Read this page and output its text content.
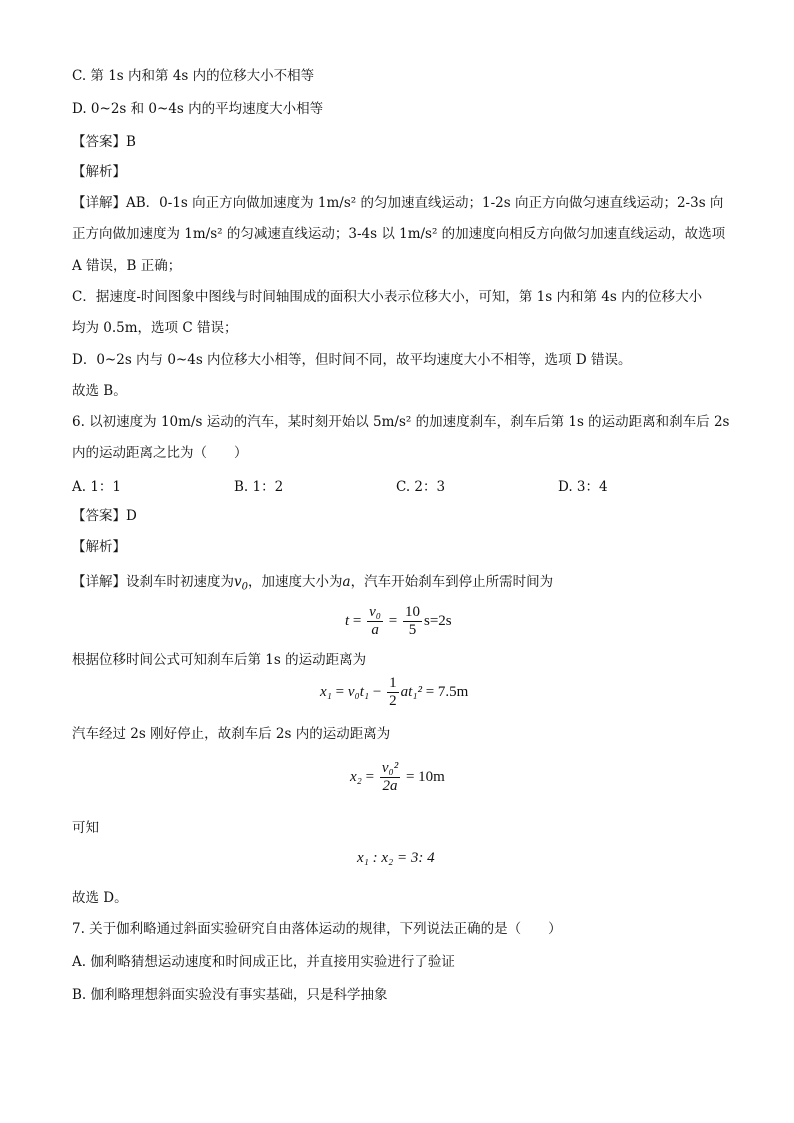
C. 第 1s 内和第 4s 内的位移大小不相等
D. 0~2s 和 0~4s 内的平均速度大小相等
【答案】B
【解析】
【详解】AB．0-1s 向正方向做加速度为 1m/s² 的匀加速直线运动；1-2s 向正方向做匀速直线运动；2-3s 向
正方向做加速度为 1m/s² 的匀减速直线运动；3-4s 以 1m/s² 的加速度向相反方向做匀加速直线运动，故选项
A 错误，B 正确；
C．据速度-时间图象中图线与时间轴围成的面积大小表示位移大小，可知，第 1s 内和第 4s 内的位移大小
均为 0.5m，选项 C 错误；
D．0~2s 内与 0~4s 内位移大小相等，但时间不同，故平均速度大小不相等，选项 D 错误。
故选 B。
6. 以初速度为 10m/s 运动的汽车，某时刻开始以 5m/s² 的加速度刹车，刹车后第 1s 的运动距离和刹车后 2s
内的运动距离之比为（　　）
A. 1：1	B. 1：2	C. 2：3	D. 3：4
【答案】D
【解析】
【详解】设刹车时初速度为$v_0$，加速度大小为a，汽车开始刹车到停止所需时间为
$t = \frac{\text{v₀}}{a} = \frac{10}{5} s=2s$
根据位移时间公式可知刹车后第 1s 的运动距离为
$x_1 = v_0t_1 - \frac{1}{2} at_1^2 = 7.5m$
汽车经过 2s 刚好停止，故刹车后 2s 内的运动距离为
$x_2 = \frac{\text{v₀²}}{2a} = 10m$
可知
x₁ : x₂ = 3: 4
故选 D。
7. 关于伽利略通过斜面实验研究自由落体运动的规律，下列说法正确的是（　　）
A. 伽利略猜想运动速度和时间成正比，并直接用实验进行了验证
B. 伽利略理想斜面实验没有事实基础，只是科学抽象
